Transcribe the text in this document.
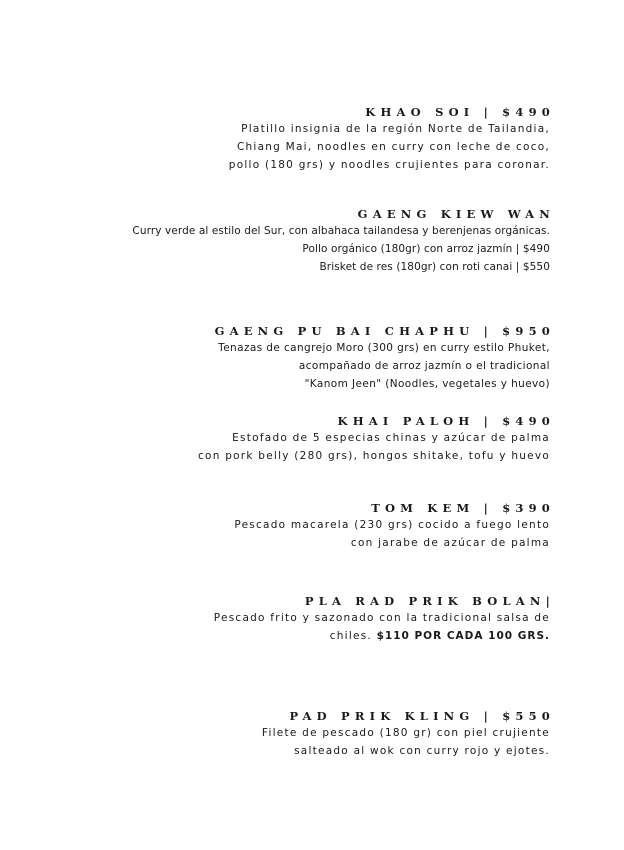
KHAO SOI | $490
Platillo insignia de la región Norte de Tailandia,
Chiang Mai, noodles en curry con leche de coco,
pollo (180 grs) y noodles crujientes para coronar.
GAENG KIEW WAN
Curry verde al estilo del Sur, con albahaca tailandesa y berenjenas orgánicas.
Pollo orgánico (180gr) con arroz jazmín | $490
Brisket de res (180gr) con roti canai | $550
GAENG PU BAI CHAPHU | $950
Tenazas de cangrejo Moro (300 grs) en curry estilo Phuket,
acompañado de arroz jazmín o el tradicional
"Kanom Jeen" (Noodles, vegetales y huevo)
KHAI PALOH | $490
Estofado de 5 especias chinas y azúcar de palma
con pork belly (280 grs), hongos shitake, tofu y huevo
TOM KEM | $390
Pescado macarela (230 grs) cocido a fuego lento
con jarabe de azúcar de palma
PLA RAD PRIK BOLAN|
Pescado frito y sazonado con la tradicional salsa de
chiles. $110 POR CADA 100 GRS.
PAD PRIK KLING | $550
Filete de pescado (180 gr) con piel crujiente
salteado al wok con curry rojo y ejotes.
